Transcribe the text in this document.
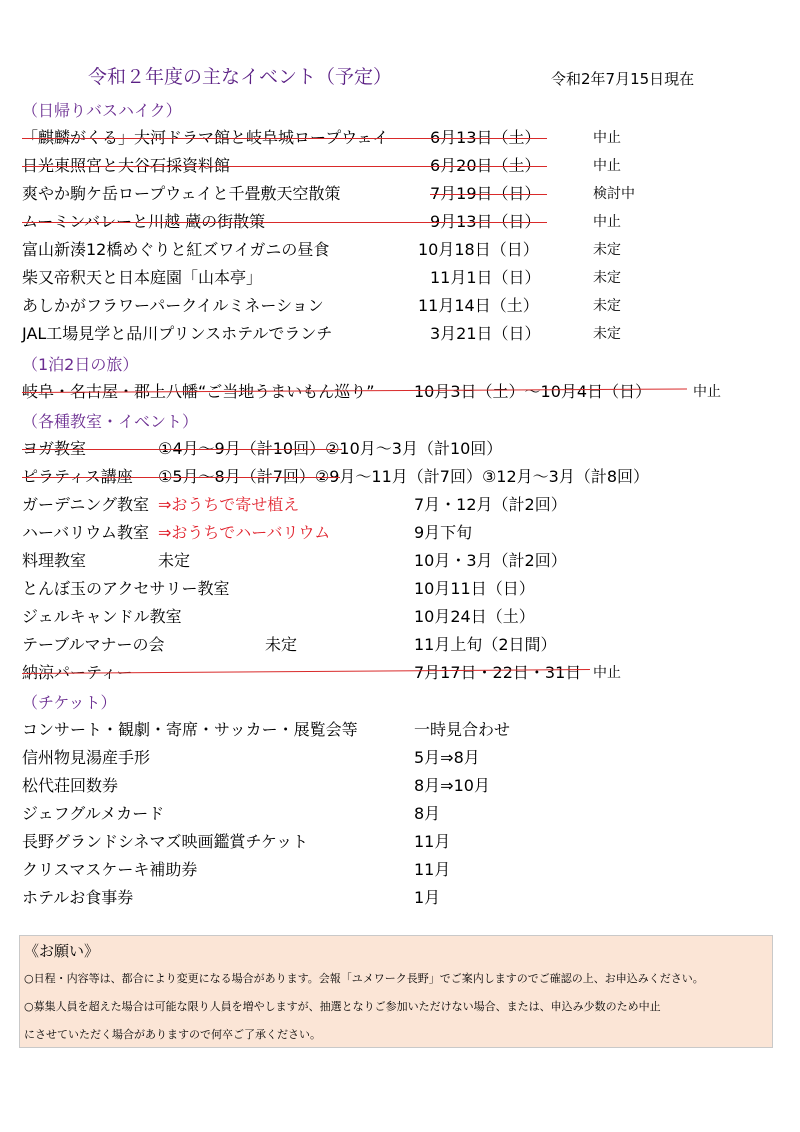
令和２年度の主なイベント（予定）	令和2年7月15日現在
（日帰りバスハイク）
「麒麟がくる」大河ドラマ館と岐阜城ロープウェイ	6月13日（土）	中止
日光東照宮と大谷石採資料館	6月20日（土）	中止
爽やか駒ケ岳ロープウェイと千畳敷天空散策	7月19日（日）	検討中
ムーミンバレーと川越 蔵の街散策	9月13日（日）	中止
富山新湊12橋めぐりと紅ズワイガニの昼食	10月18日（日）	未定
柴又帝釈天と日本庭園「山本亭」	11月1日（日）	未定
あしかがフラワーパークイルミネーション	11月14日（土）	未定
JAL工場見学と品川プリンスホテルでランチ	3月21日（日）	未定
（1泊2日の旅）
岐阜・名古屋・郡上八幡“ご当地うまいもん巡り” 10月3日（土）～10月4日（日）	中止
（各種教室・イベント）
ヨガ教室	①4月～9月（計10回）②10月～3月（計10回）
ピラティス講座 ①5月～8月（計7回）②9月～11月（計7回）③12月～3月（計8回）
ガーデニング教室 ⇒おうちで寄せ植え	7月・12月（計2回）
ハーバリウム教室 ⇒おうちでハーバリウム	9月下旬
料理教室	未定	10月・3月（計2回）
とんぼ玉のアクセサリー教室	10月11日（日）
ジェルキャンドル教室	10月24日（土）
テーブルマナーの会	未定	11月上旬（2日間）
納涼パーティー	7月17日・22日・31日 中止
（チケット）
コンサート・観劇・寄席・サッカー・展覧会等	一時見合わせ
信州物見湯産手形	5月⇒8月
松代荘回数券	8月⇒10月
ジェフグルメカード	8月
長野グランドシネマズ映画鑑賞チケット	11月
クリスマスケーキ補助券	11月
ホテルお食事券	1月
《お願い》
○日程・内容等は、都合により変更になる場合があります。会報「ユメワーク長野」でご案内しますのでご確認の上、お申込みください。
○募集人員を超えた場合は可能な限り人員を増やしますが、抽選となりご参加いただけない場合、または、申込み少数のため中止
にさせていただく場合がありますので何卒ご了承ください。
